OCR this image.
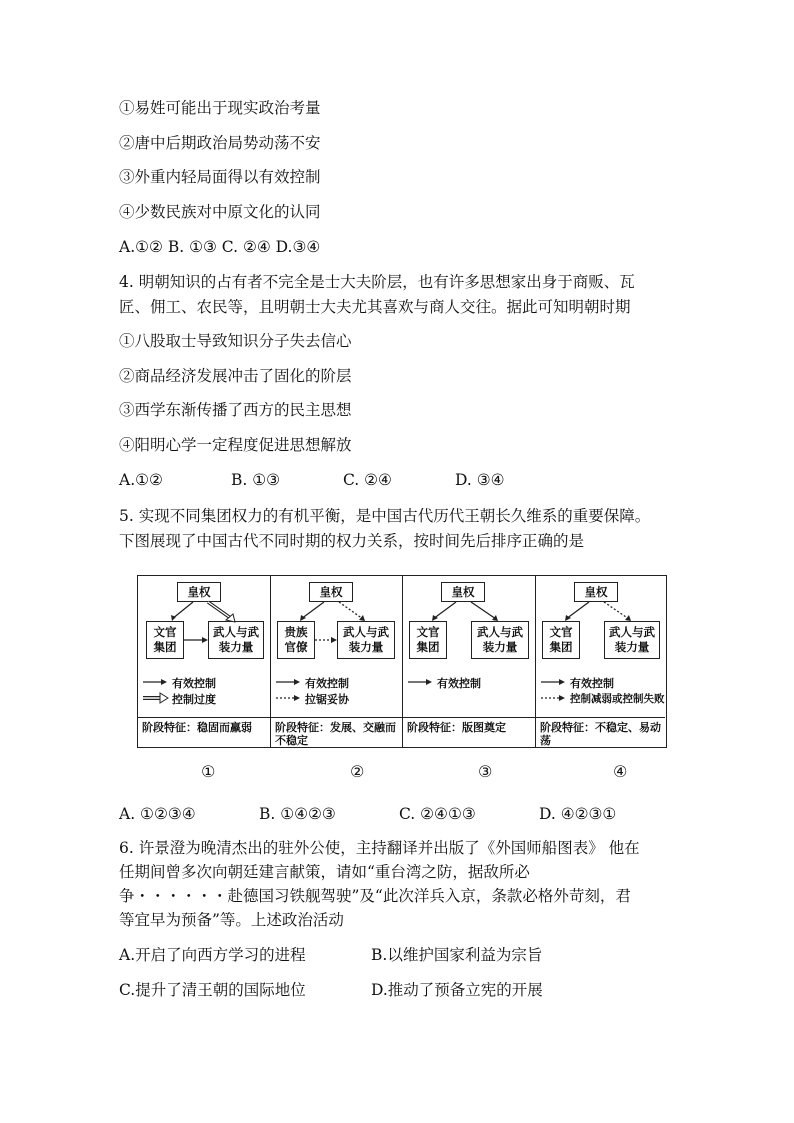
①易姓可能出于现实政治考量
②唐中后期政治局势动荡不安
③外重内轻局面得以有效控制
④少数民族对中原文化的认同
A.①② B. ①③ C. ②④ D.③④
4. 明朝知识的占有者不完全是士大夫阶层，也有许多思想家出身于商贩、瓦
匠、佣工、农民等，且明朝士大夫尤其喜欢与商人交往。据此可知明朝时期
①八股取士导致知识分子失去信心
②商品经济发展冲击了固化的阶层
③西学东渐传播了西方的民主思想
④阳明心学一定程度促进思想解放
A.①②	B. ①③	C. ②④	D. ③④
5. 实现不同集团权力的有机平衡，是中国古代历代王朝长久维系的重要保障。
下图展现了中国古代不同时期的权力关系，按时间先后排序正确的是
皇权
文官集团
武人与武装力量
有效控制
控制过度
阶段特征：稳固而羸弱
皇权
贵族官僚
武人与武装力量
有效控制
拉锯妥协
阶段特征：发展、交融而不稳定
皇权
文官集团
武人与武装力量
有效控制
阶段特征：版图奠定
皇权
文官集团
武人与武装力量
有效控制
控制减弱或控制失败
阶段特征：不稳定、易动荡
①	②	③	④
A. ①②③④	B. ①④②③	C. ②④①③	D. ④②③①
6. 许景澄为晚清杰出的驻外公使，主持翻译并出版了《外国师船图表》 他在
任期间曾多次向朝廷建言献策，请如“重台湾之防，据敌所必
争・・・・・・赴德国习铁舰驾驶”及“此次洋兵入京，条款必格外苛刻，君
等宜早为预备”等。上述政治活动
A.开启了向西方学习的进程	B.以维护国家利益为宗旨
C.提升了清王朝的国际地位	D.推动了预备立宪的开展
